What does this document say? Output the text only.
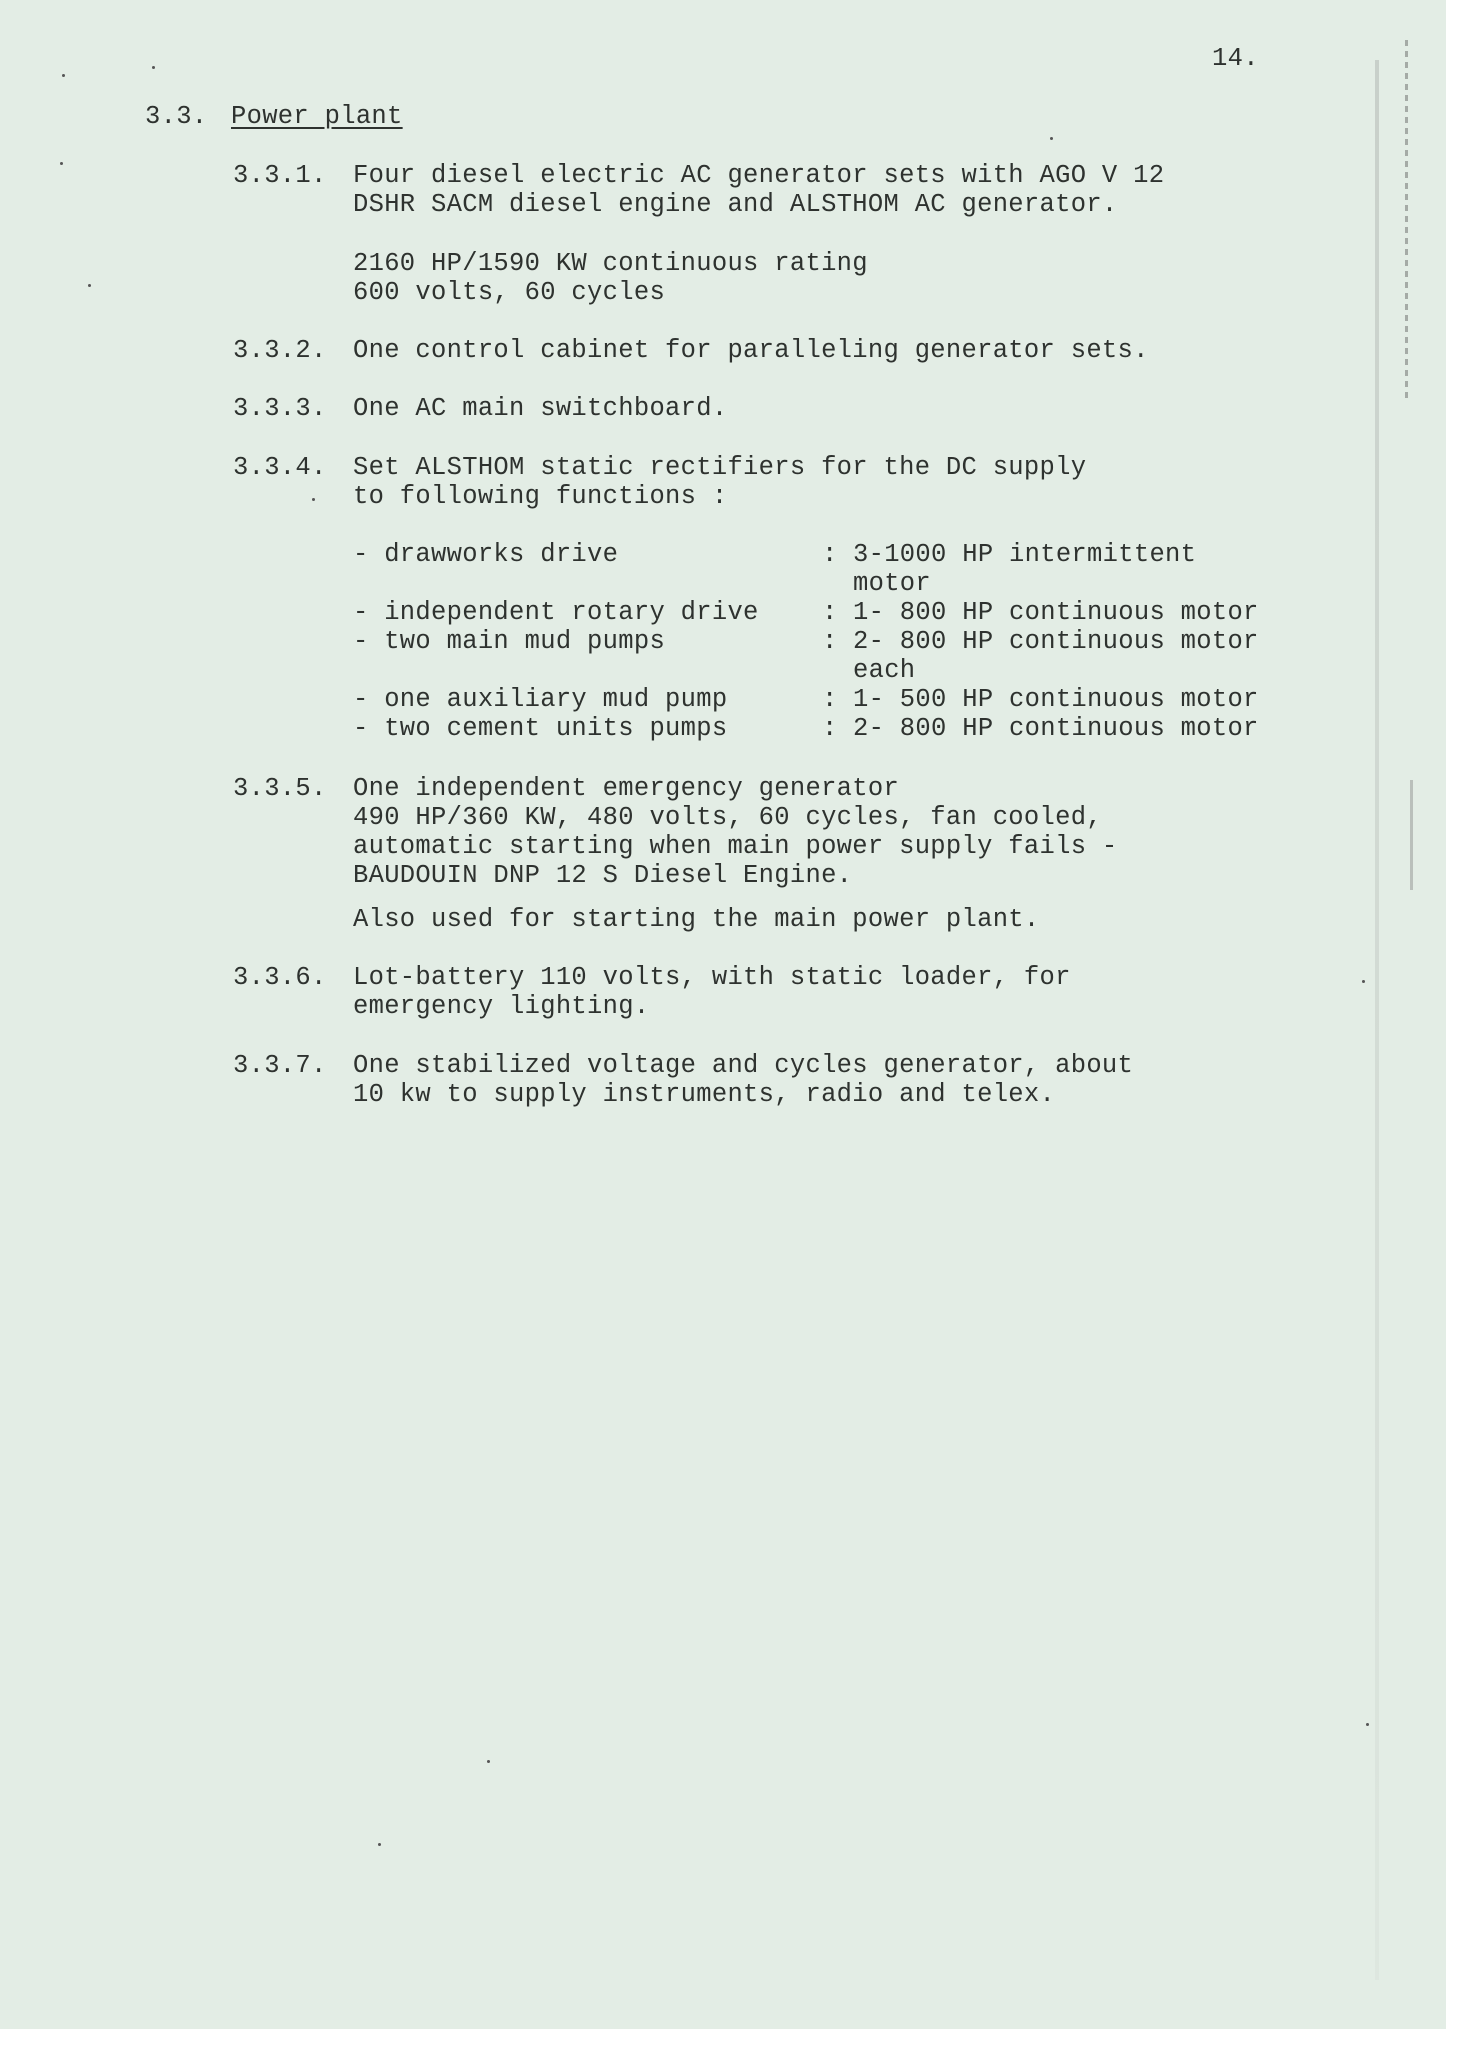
14.
3.3. Power plant
3.3.1. Four diesel electric AC generator sets with AGO V 12
DSHR SACM diesel engine and ALSTHOM AC generator.
2160 HP/1590 KW continuous rating
600 volts, 60 cycles
3.3.2. One control cabinet for paralleling generator sets.
3.3.3. One AC main switchboard.
3.3.4. Set ALSTHOM static rectifiers for the DC supply
to following functions :
- drawworks drive	: 3-1000 HP intermittent
motor
- independent rotary drive : 1- 800 HP continuous motor
- two main mud pumps	: 2- 800 HP continuous motor
each
- one auxiliary mud pump	: 1- 500 HP continuous motor
- two cement units pumps	: 2- 800 HP continuous motor
3.3.5. One independent emergency generator
490 HP/360 KW, 480 volts, 60 cycles, fan cooled,
automatic starting when main power supply fails -
BAUDOUIN DNP 12 S Diesel Engine.
Also used for starting the main power plant.
3.3.6. Lot-battery 110 volts, with static loader, for
emergency lighting.
3.3.7. One stabilized voltage and cycles generator, about
10 kw to supply instruments, radio and telex.
